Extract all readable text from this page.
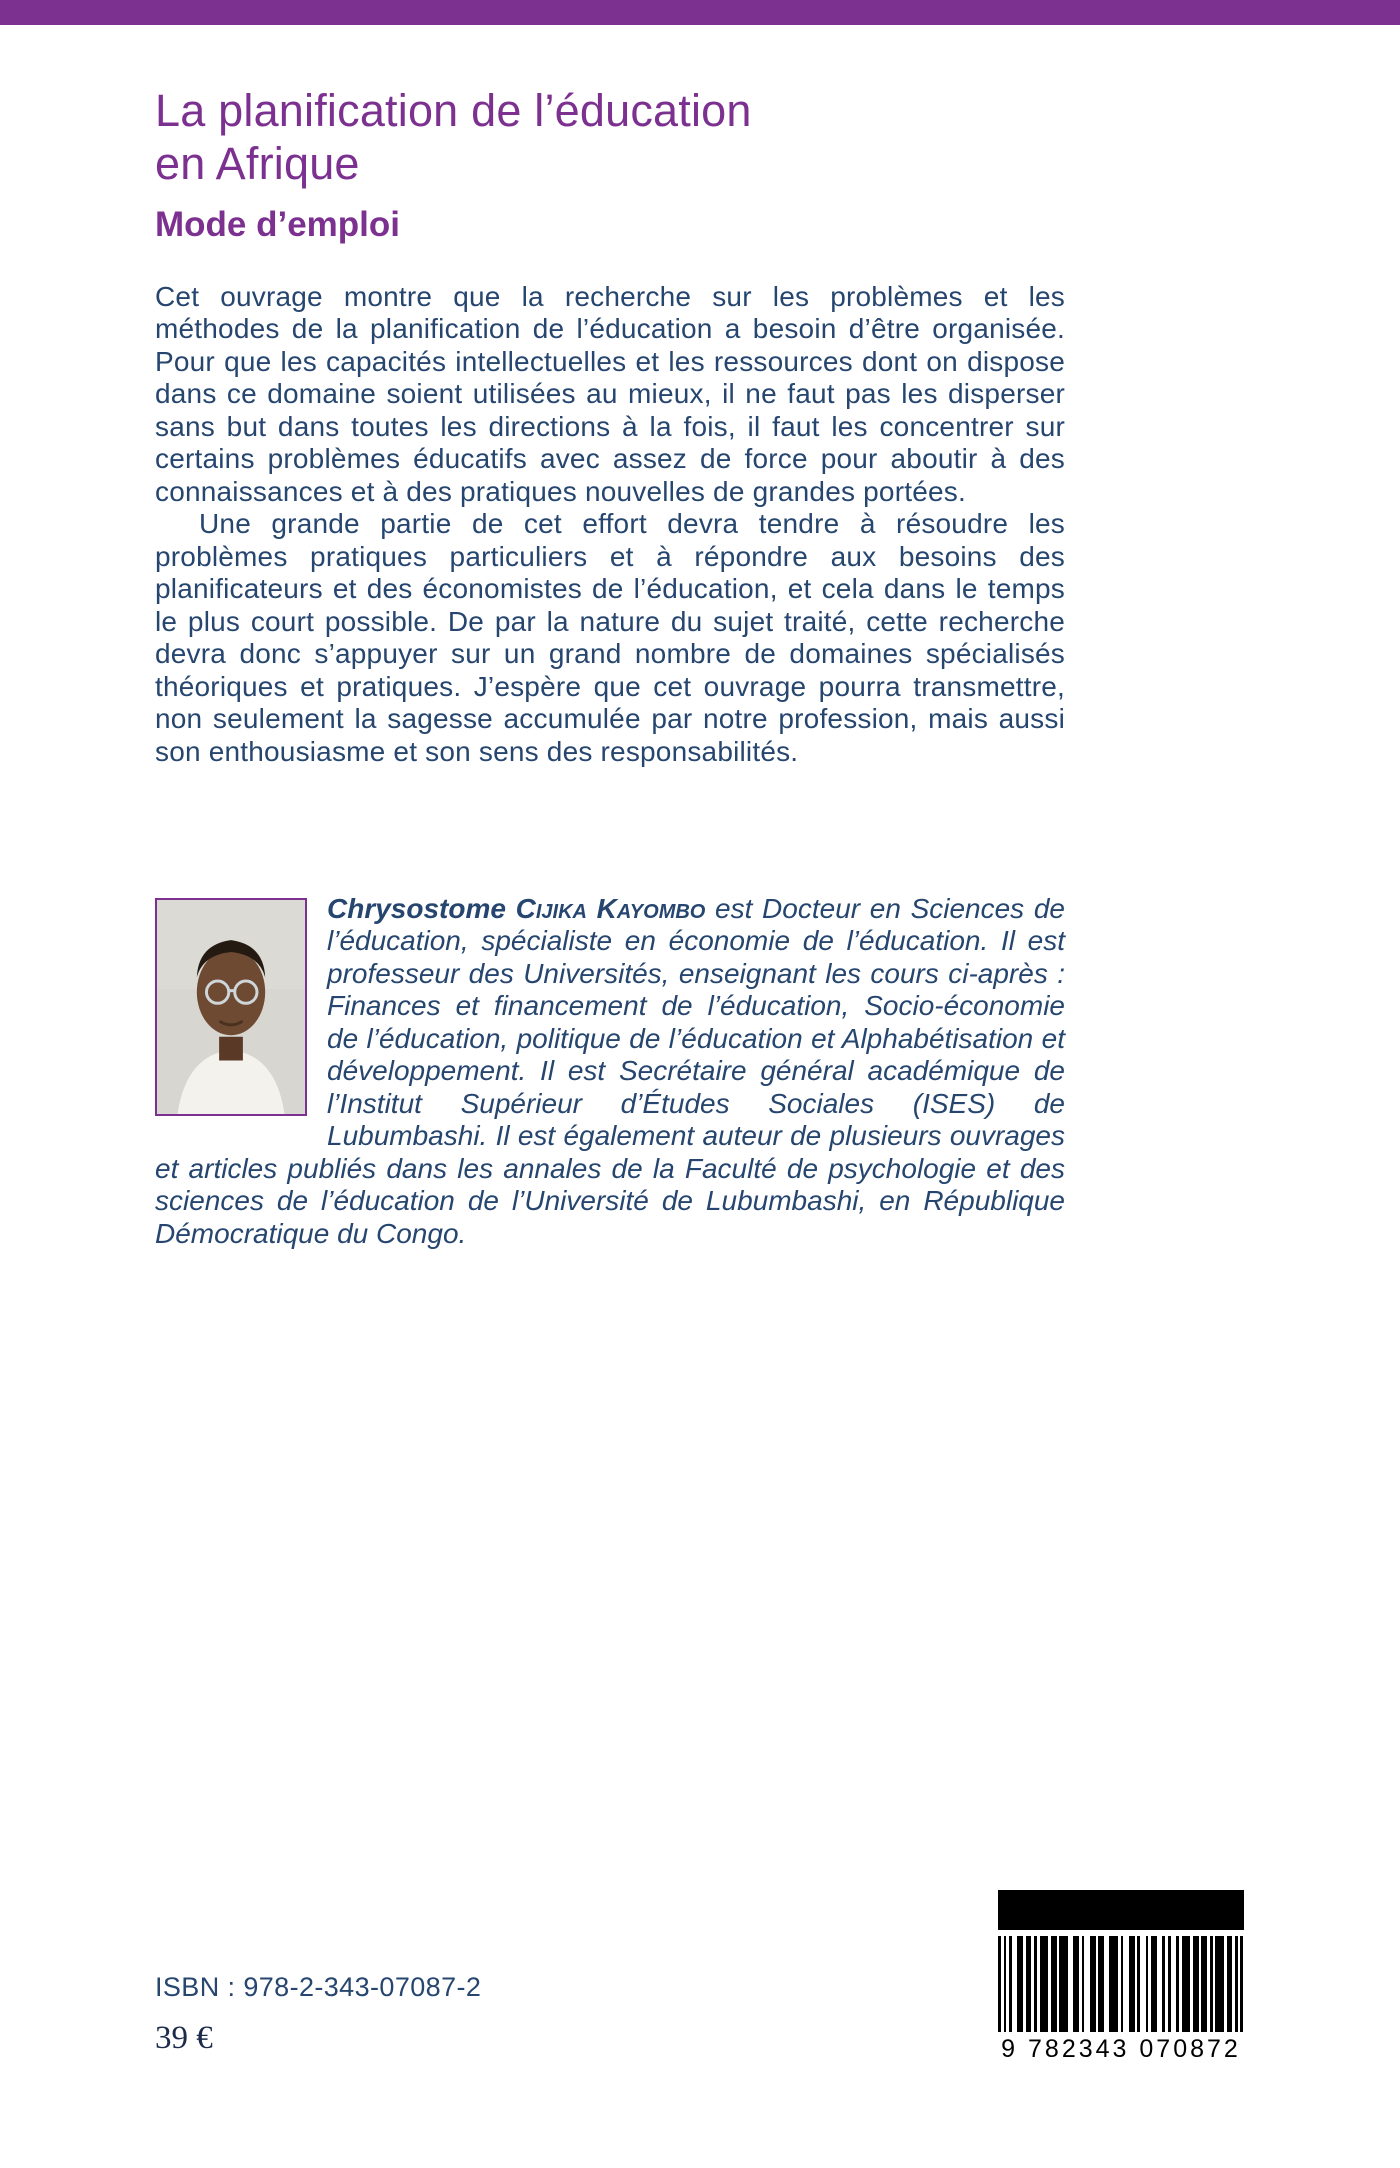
La planification de l’éducation
en Afrique
Mode d’emploi

Cet ouvrage montre que la recherche sur les problèmes et les méthodes de la planification de l’éducation a besoin d’être organisée. Pour que les capacités intellectuelles et les ressources dont on dispose dans ce domaine soient utilisées au mieux, il ne faut pas les disperser sans but dans toutes les directions à la fois, il faut les concentrer sur certains problèmes éducatifs avec assez de force pour aboutir à des connaissances et à des pratiques nouvelles de grandes portées.

Une grande partie de cet effort devra tendre à résoudre les problèmes pratiques particuliers et à répondre aux besoins des planificateurs et des économistes de l’éducation, et cela dans le temps le plus court possible. De par la nature du sujet traité, cette recherche devra donc s’appuyer sur un grand nombre de domaines spécialisés théoriques et pratiques. J’espère que cet ouvrage pourra transmettre, non seulement la sagesse accumulée par notre profession, mais aussi son enthousiasme et son sens des responsabilités.

Chrysostome Cijika Kayombo est Docteur en Sciences de l’éducation, spécialiste en économie de l’éducation. Il est professeur des Universités, enseignant les cours ci-après : Finances et financement de l’éducation, Socio-économie de l’éducation, politique de l’éducation et Alphabétisation et développement. Il est Secrétaire général académique de l’Institut Supérieur d’Études Sociales (ISES) de Lubumbashi. Il est également auteur de plusieurs ouvrages et articles publiés dans les annales de la Faculté de psychologie et des sciences de l’éducation de l’Université de Lubumbashi, en République Démocratique du Congo.

ISBN : 978-2-343-07087-2
39 €	9 782343 070872
